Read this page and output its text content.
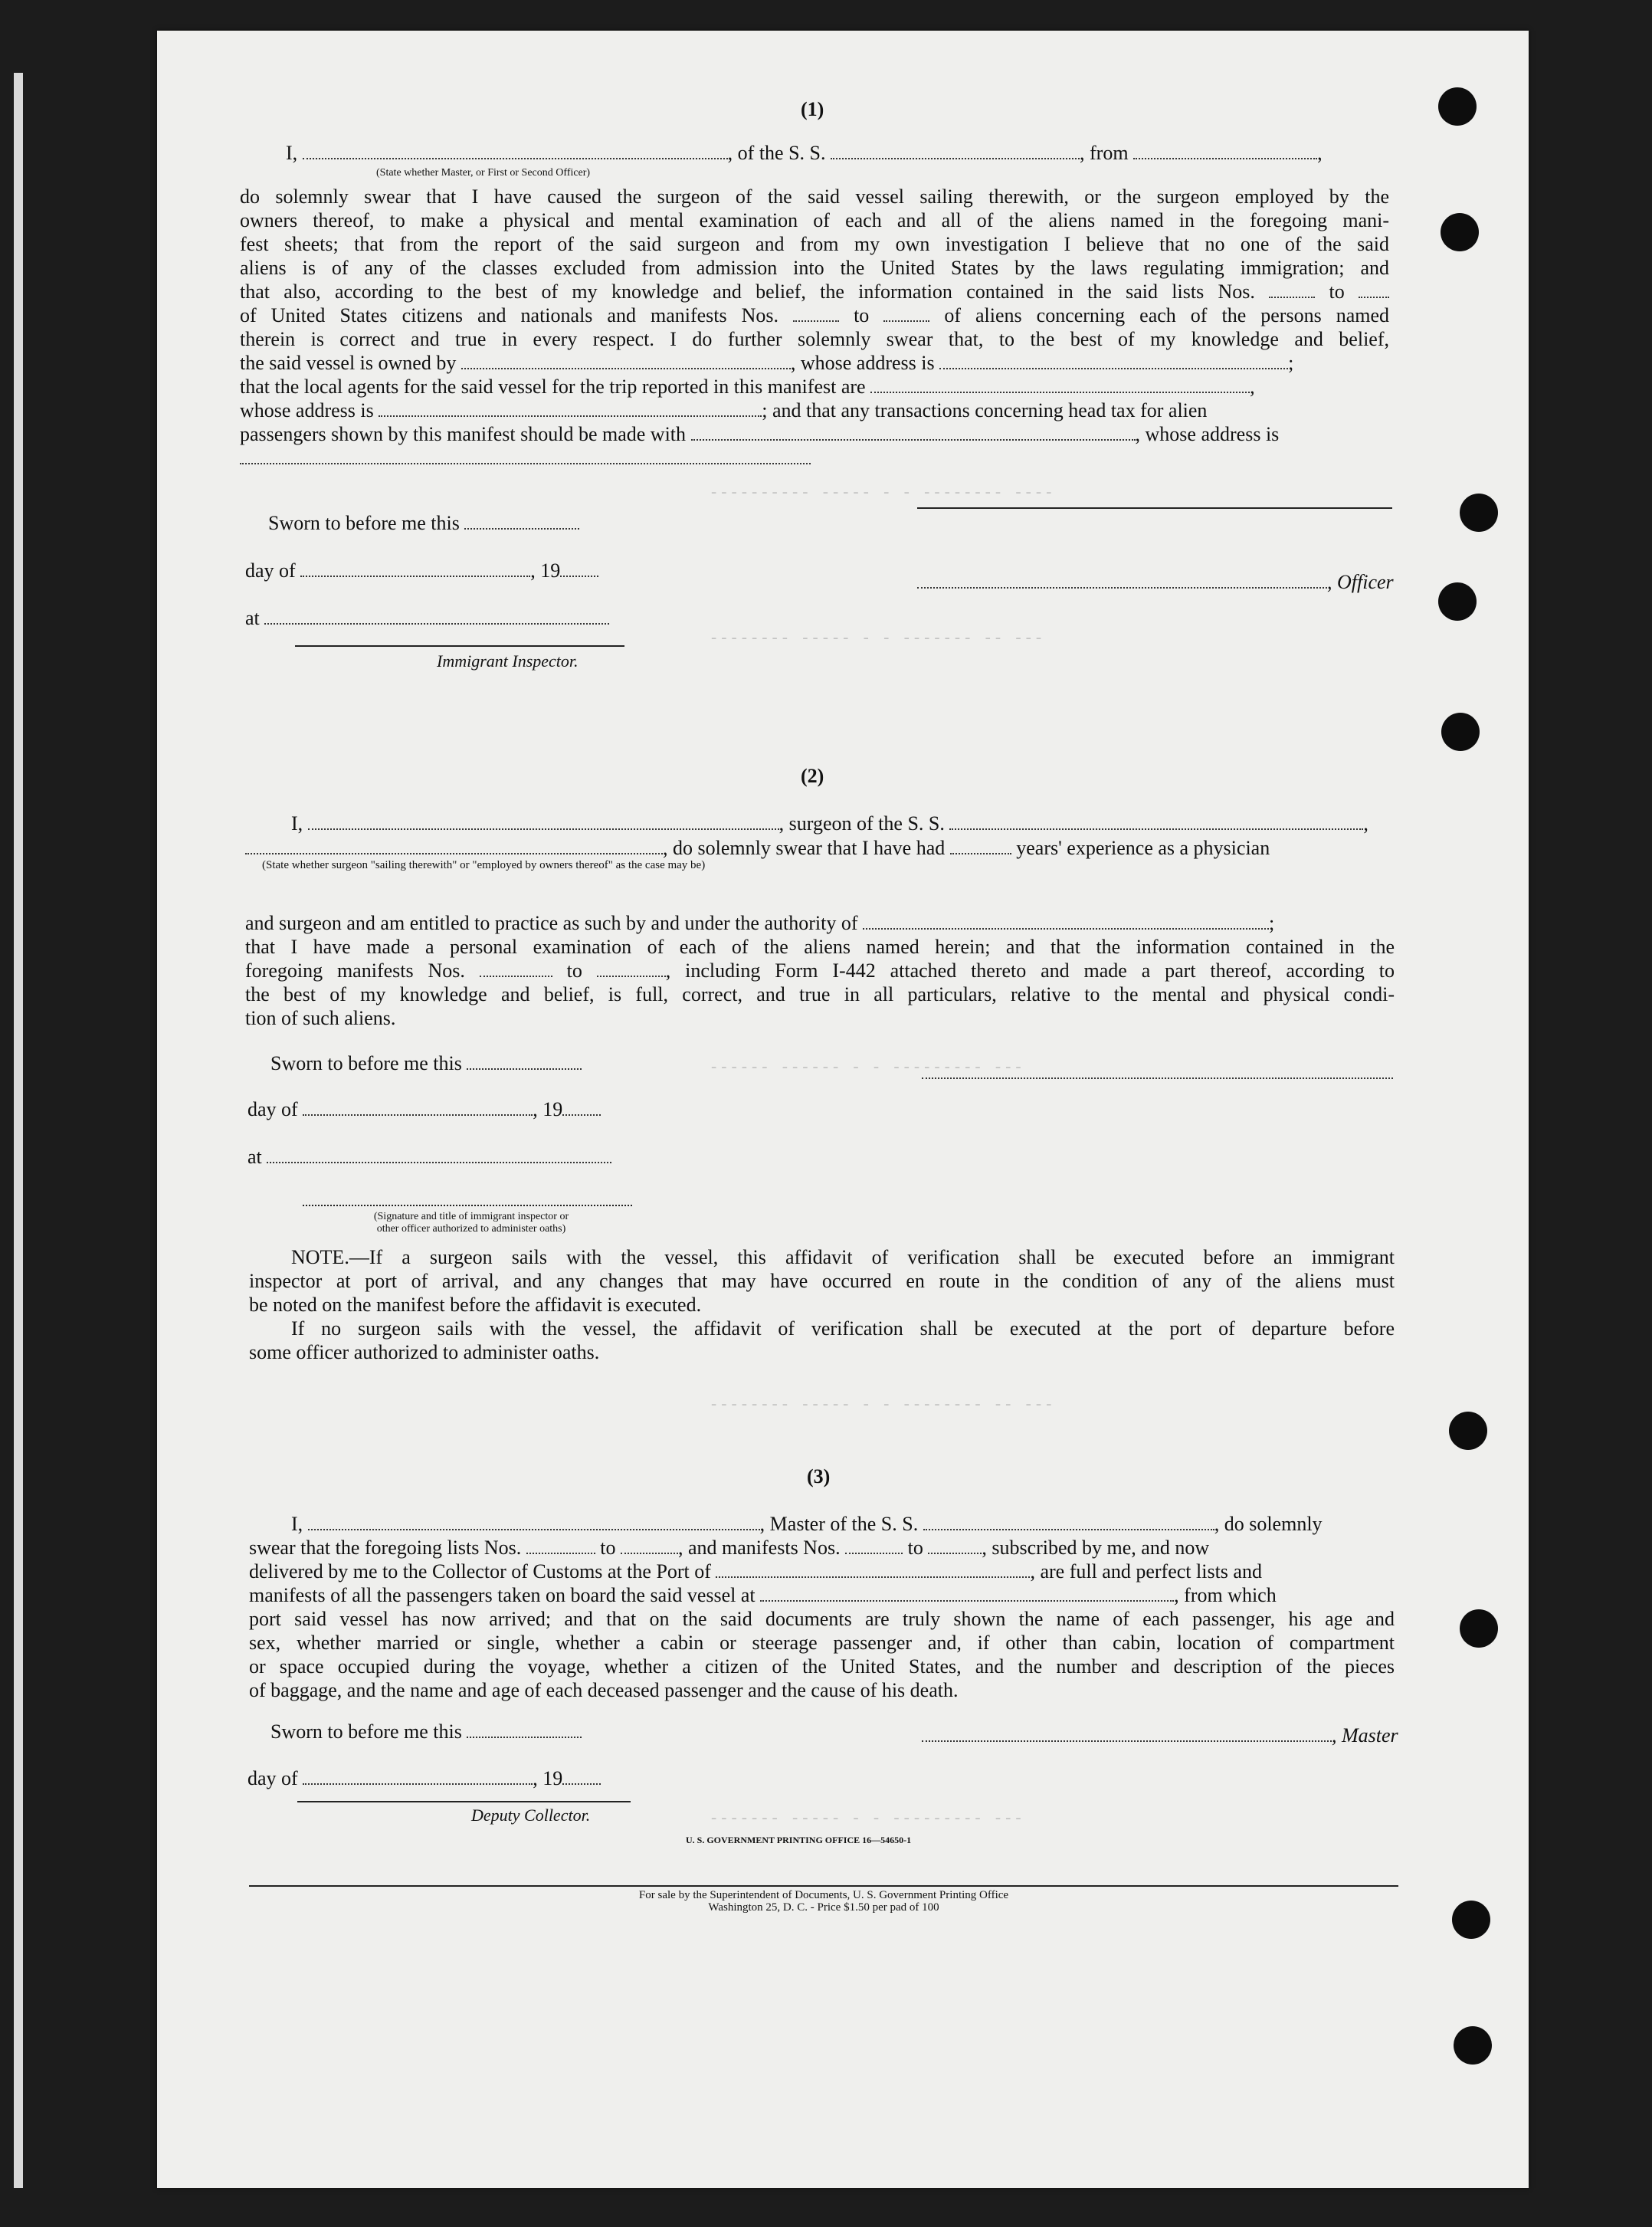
---------- ----- - - -------- ----
-------- ----- - - ------- -- ---
------ ------ - - --------- ---
-------- ----- - - -------- -- ---
------- ----- - - --------- ---
(1)
I,	, of the S. S.	, from	,
(State whether Master, or First or Second Officer)
do solemnly swear that I have caused the surgeon of the said vessel sailing therewith, or the surgeon employed by the
owners thereof, to make a physical and mental examination of each and all of the aliens named in the foregoing mani-
fest sheets; that from the report of the said surgeon and from my own investigation I believe that no one of the said
aliens is of any of the classes excluded from admission into the United States by the laws regulating immigration; and
that also, according to the best of my knowledge and belief, the information contained in the said lists Nos.	to
of United States citizens and nationals and manifests Nos.	to	of aliens concerning each of the persons named
therein is correct and true in every respect. I do further solemnly swear that, to the best of my knowledge and belief,
the said vessel is owned by	, whose address is	;
that the local agents for the said vessel for the trip reported in this manifest are	,
whose address is	; and that any transactions concerning head tax for alien
passengers shown by this manifest should be made with	, whose address is
Sworn to before me this
day of	, 19
at
Immigrant Inspector.
, Officer
(2)
I,	, surgeon of the S. S.	,
, do solemnly swear that I have had	years' experience as a physician
(State whether surgeon "sailing therewith" or "employed by owners thereof" as the case may be)
and surgeon and am entitled to practice as such by and under the authority of	;
that I have made a personal examination of each of the aliens named herein; and that the information contained in the
foregoing manifests Nos.	to	, including Form I-442 attached thereto and made a part thereof, according to
the best of my knowledge and belief, is full, correct, and true in all particulars, relative to the mental and physical condi-
tion of such aliens.
Sworn to before me this
day of	, 19
at
(Signature and title of immigrant inspector or
other officer authorized to administer oaths)
NOTE.—If a surgeon sails with the vessel, this affidavit of verification shall be executed before an immigrant
inspector at port of arrival, and any changes that may have occurred en route in the condition of any of the aliens must
be noted on the manifest before the affidavit is executed.
If no surgeon sails with the vessel, the affidavit of verification shall be executed at the port of departure before
some officer authorized to administer oaths.
(3)
I,	, Master of the S. S.	, do solemnly
swear that the foregoing lists Nos.	to	, and manifests Nos.	to	, subscribed by me, and now
delivered by me to the Collector of Customs at the Port of	, are full and perfect lists and
manifests of all the passengers taken on board the said vessel at	, from which
port said vessel has now arrived; and that on the said documents are truly shown the name of each passenger, his age and
sex, whether married or single, whether a cabin or steerage passenger and, if other than cabin, location of compartment
or space occupied during the voyage, whether a citizen of the United States, and the number and description of the pieces
of baggage, and the name and age of each deceased passenger and the cause of his death.
Sworn to before me this
day of	, 19
Deputy Collector.
, Master
U. S. GOVERNMENT PRINTING OFFICE 16—54650-1
For sale by the Superintendent of Documents, U. S. Government Printing Office
Washington 25, D. C. - Price $1.50 per pad of 100
